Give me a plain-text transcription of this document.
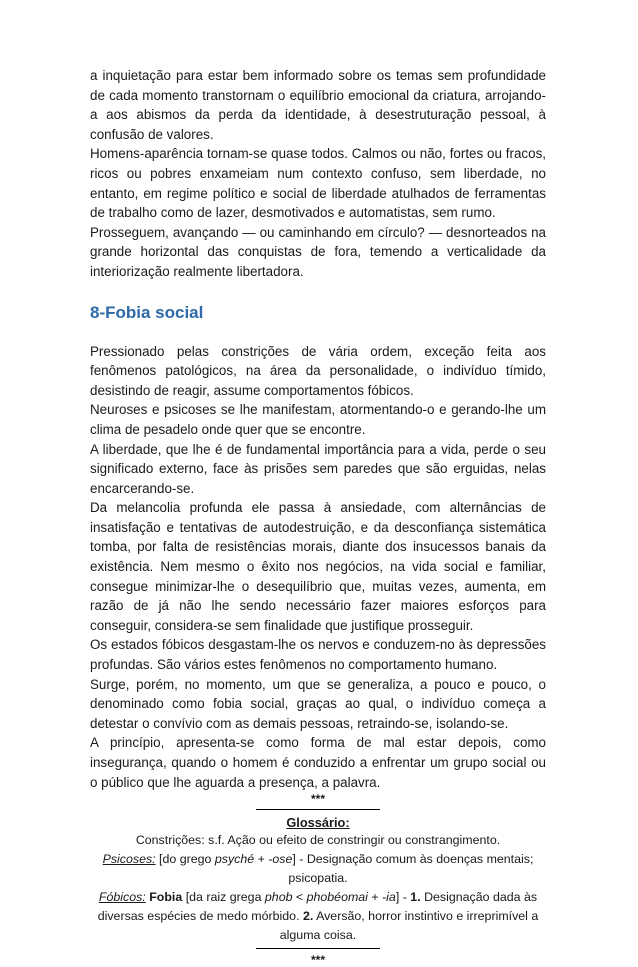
a inquietação para estar bem informado sobre os temas sem profundidade de cada momento transtornam o equilíbrio emocional da criatura, arrojando-a aos abismos da perda da identidade, à desestruturação pessoal, à confusão de valores.

Homens-aparência tornam-se quase todos. Calmos ou não, fortes ou fracos, ricos ou pobres enxameiam num contexto confuso, sem liberdade, no entanto, em regime político e social de liberdade atulhados de ferramentas de trabalho como de lazer, desmotivados e automatistas, sem rumo.

Prosseguem, avançando — ou caminhando em círculo? — desnorteados na grande horizontal das conquistas de fora, temendo a verticalidade da interiorização realmente libertadora.

8-Fobia social

Pressionado pelas constrições de vária ordem, exceção feita aos fenômenos patológicos, na área da personalidade, o indivíduo tímido, desistindo de reagir, assume comportamentos fóbicos.

Neuroses e psicoses se lhe manifestam, atormentando-o e gerando-lhe um clima de pesadelo onde quer que se encontre.

A liberdade, que lhe é de fundamental importância para a vida, perde o seu significado externo, face às prisões sem paredes que são erguidas, nelas encarcerando-se.

Da melancolia profunda ele passa à ansiedade, com alternâncias de insatisfação e tentativas de autodestruição, e da desconfiança sistemática tomba, por falta de resistências morais, diante dos insucessos banais da existência. Nem mesmo o êxito nos negócios, na vida social e familiar, consegue minimizar-lhe o desequilíbrio que, muitas vezes, aumenta, em razão de já não lhe sendo necessário fazer maiores esforços para conseguir, considera-se sem finalidade que justifique prosseguir.

Os estados fóbicos desgastam-lhe os nervos e conduzem-no às depressões profundas. São vários estes fenômenos no comportamento humano.

Surge, porém, no momento, um que se generaliza, a pouco e pouco, o denominado como fobia social, graças ao qual, o indivíduo começa a detestar o convívio com as demais pessoas, retraindo-se, isolando-se.

A princípio, apresenta-se como forma de mal estar depois, como insegurança, quando o homem é conduzido a enfrentar um grupo social ou o público que lhe aguarda a presença, a palavra.

***
Glossário:

Constrições: s.f. Ação ou efeito de constringir ou constrangimento.

Psicoses: [do grego psyché + -ose] - Designação comum às doenças mentais; psicopatia.

Fóbicos: Fobia [da raiz grega phob < phobéomai + -ia] - 1. Designação dada às diversas espécies de medo mórbido. 2. Aversão, horror instintivo e irreprimível a alguma coisa.

***
